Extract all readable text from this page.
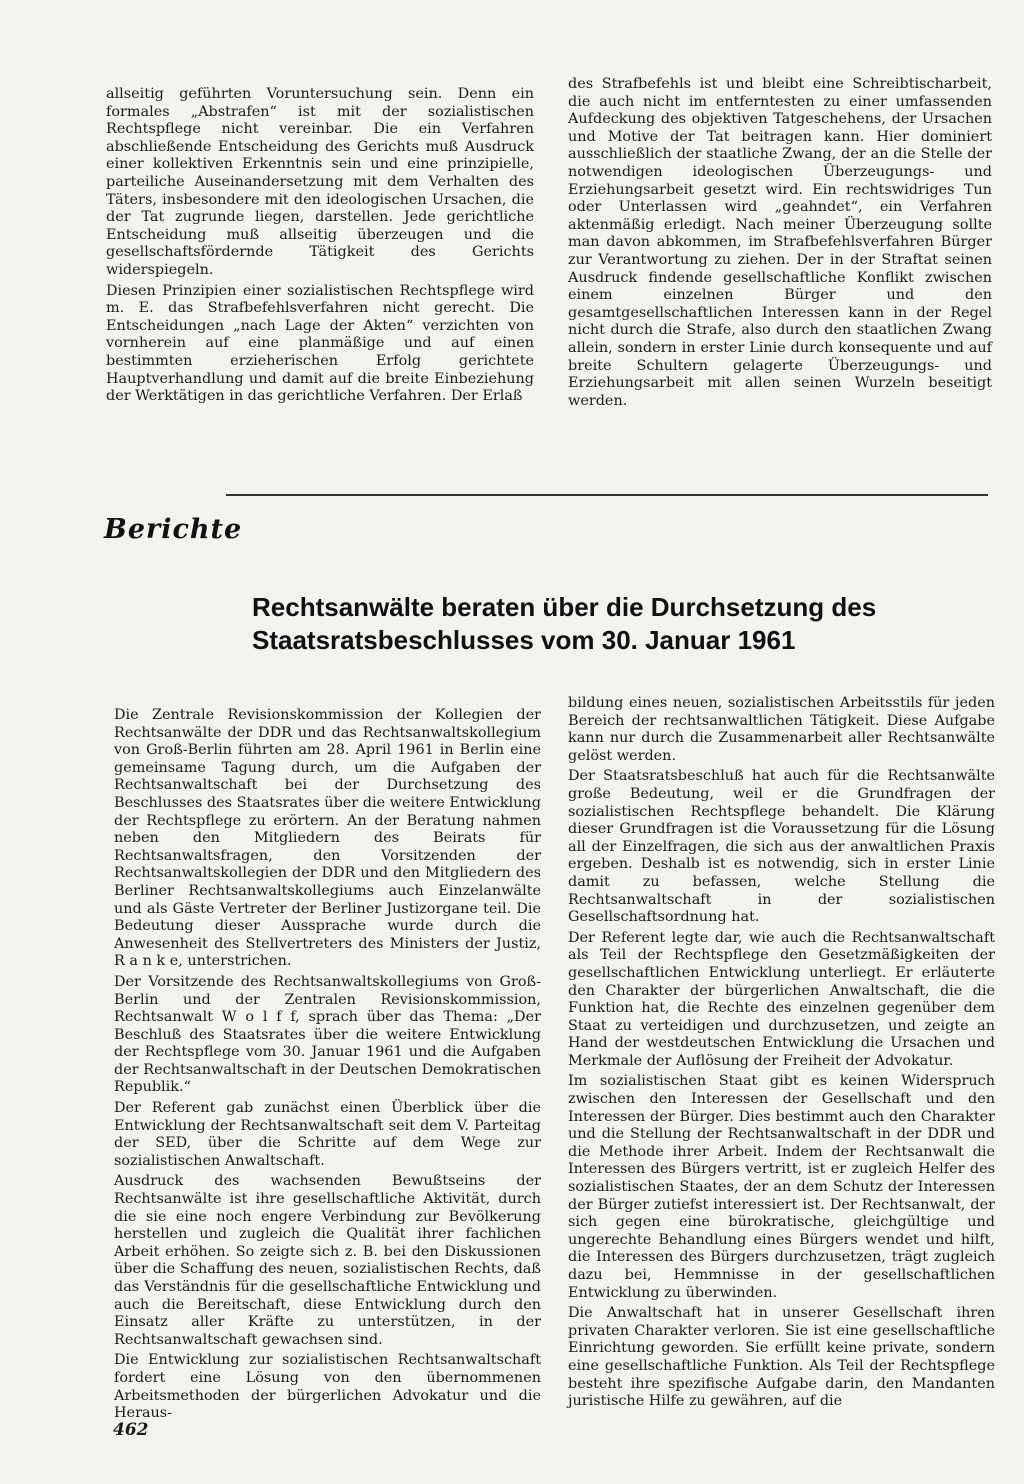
allseitig geführten Voruntersuchung sein. Denn ein formales „Abstrafen“ ist mit der sozialistischen Rechtspflege nicht vereinbar. Die ein Verfahren abschließende Entscheidung des Gerichts muß Ausdruck einer kollektiven Erkenntnis sein und eine prinzipielle, parteiliche Auseinandersetzung mit dem Verhalten des Täters, insbesondere mit den ideologischen Ursachen, die der Tat zugrunde liegen, darstellen. Jede gerichtliche Entscheidung muß allseitig überzeugen und die gesellschaftsfördernde Tätigkeit des Gerichts widerspiegeln.

Diesen Prinzipien einer sozialistischen Rechtspflege wird m. E. das Strafbefehlsverfahren nicht gerecht. Die Entscheidungen „nach Lage der Akten“ verzichten von vornherein auf eine planmäßige und auf einen bestimmten erzieherischen Erfolg gerichtete Hauptverhandlung und damit auf die breite Einbeziehung der Werktätigen in das gerichtliche Verfahren. Der Erlaß

des Strafbefehls ist und bleibt eine Schreibtischarbeit, die auch nicht im entferntesten zu einer umfassenden Aufdeckung des objektiven Tatgeschehens, der Ursachen und Motive der Tat beitragen kann. Hier dominiert ausschließlich der staatliche Zwang, der an die Stelle der notwendigen ideologischen Überzeugungs- und Erziehungsarbeit gesetzt wird. Ein rechtswidriges Tun oder Unterlassen wird „geahndet“, ein Verfahren aktenmäßig erledigt. Nach meiner Überzeugung sollte man davon abkommen, im Strafbefehlsverfahren Bürger zur Verantwortung zu ziehen. Der in der Straftat seinen Ausdruck findende gesellschaftliche Konflikt zwischen einem einzelnen Bürger und den gesamtgesellschaftlichen Interessen kann in der Regel nicht durch die Strafe, also durch den staatlichen Zwang allein, sondern in erster Linie durch konsequente und auf breite Schultern gelagerte Überzeugungs- und Erziehungsarbeit mit allen seinen Wurzeln beseitigt werden.

Berichte
Rechtsanwälte beraten über die Durchsetzung des
Staatsratsbeschlusses vom 30. Januar 1961

Die Zentrale Revisionskommission der Kollegien der Rechtsanwälte der DDR und das Rechtsanwaltskollegium von Groß-Berlin führten am 28. April 1961 in Berlin eine gemeinsame Tagung durch, um die Aufgaben der Rechtsanwaltschaft bei der Durchsetzung des Beschlusses des Staatsrates über die weitere Entwicklung der Rechtspflege zu erörtern. An der Beratung nahmen neben den Mitgliedern des Beirats für Rechtsanwaltsfragen, den Vorsitzenden der Rechtsanwaltskollegien der DDR und den Mitgliedern des Berliner Rechtsanwaltskollegiums auch Einzelanwälte und als Gäste Vertreter der Berliner Justizorgane teil. Die Bedeutung dieser Aussprache wurde durch die Anwesenheit des Stellvertreters des Ministers der Justiz, R a n k e, unterstrichen.

Der Vorsitzende des Rechtsanwaltskollegiums von Groß-Berlin und der Zentralen Revisionskommission, Rechtsanwalt W o l f f, sprach über das Thema: „Der Beschluß des Staatsrates über die weitere Entwicklung der Rechtspflege vom 30. Januar 1961 und die Aufgaben der Rechtsanwaltschaft in der Deutschen Demokratischen Republik.“

Der Referent gab zunächst einen Überblick über die Entwicklung der Rechtsanwaltschaft seit dem V. Parteitag der SED, über die Schritte auf dem Wege zur sozialistischen Anwaltschaft.

Ausdruck des wachsenden Bewußtseins der Rechtsanwälte ist ihre gesellschaftliche Aktivität, durch die sie eine noch engere Verbindung zur Bevölkerung herstellen und zugleich die Qualität ihrer fachlichen Arbeit erhöhen. So zeigte sich z. B. bei den Diskussionen über die Schaffung des neuen, sozialistischen Rechts, daß das Verständnis für die gesellschaftliche Entwicklung und auch die Bereitschaft, diese Entwicklung durch den Einsatz aller Kräfte zu unterstützen, in der Rechtsanwaltschaft gewachsen sind.

Die Entwicklung zur sozialistischen Rechtsanwaltschaft fordert eine Lösung von den übernommenen Arbeitsmethoden der bürgerlichen Advokatur und die Heraus-

bildung eines neuen, sozialistischen Arbeitsstils für jeden Bereich der rechtsanwaltlichen Tätigkeit. Diese Aufgabe kann nur durch die Zusammenarbeit aller Rechtsanwälte gelöst werden.

Der Staatsratsbeschluß hat auch für die Rechtsanwälte große Bedeutung, weil er die Grundfragen der sozialistischen Rechtspflege behandelt. Die Klärung dieser Grundfragen ist die Voraussetzung für die Lösung all der Einzelfragen, die sich aus der anwaltlichen Praxis ergeben. Deshalb ist es notwendig, sich in erster Linie damit zu befassen, welche Stellung die Rechtsanwaltschaft in der sozialistischen Gesellschaftsordnung hat.

Der Referent legte dar, wie auch die Rechtsanwaltschaft als Teil der Rechtspflege den Gesetzmäßigkeiten der gesellschaftlichen Entwicklung unterliegt. Er erläuterte den Charakter der bürgerlichen Anwaltschaft, die die Funktion hat, die Rechte des einzelnen gegenüber dem Staat zu verteidigen und durchzusetzen, und zeigte an Hand der westdeutschen Entwicklung die Ursachen und Merkmale der Auflösung der Freiheit der Advokatur.

Im sozialistischen Staat gibt es keinen Widerspruch zwischen den Interessen der Gesellschaft und den Interessen der Bürger. Dies bestimmt auch den Charakter und die Stellung der Rechtsanwaltschaft in der DDR und die Methode ihrer Arbeit. Indem der Rechtsanwalt die Interessen des Bürgers vertritt, ist er zugleich Helfer des sozialistischen Staates, der an dem Schutz der Interessen der Bürger zutiefst interessiert ist. Der Rechtsanwalt, der sich gegen eine bürokratische, gleichgültige und ungerechte Behandlung eines Bürgers wendet und hilft, die Interessen des Bürgers durchzusetzen, trägt zugleich dazu bei, Hemmnisse in der gesellschaftlichen Entwicklung zu überwinden.

Die Anwaltschaft hat in unserer Gesellschaft ihren privaten Charakter verloren. Sie ist eine gesellschaftliche Einrichtung geworden. Sie erfüllt keine private, sondern eine gesellschaftliche Funktion. Als Teil der Rechtspflege besteht ihre spezifische Aufgabe darin, den Mandanten juristische Hilfe zu gewähren, auf die

462
